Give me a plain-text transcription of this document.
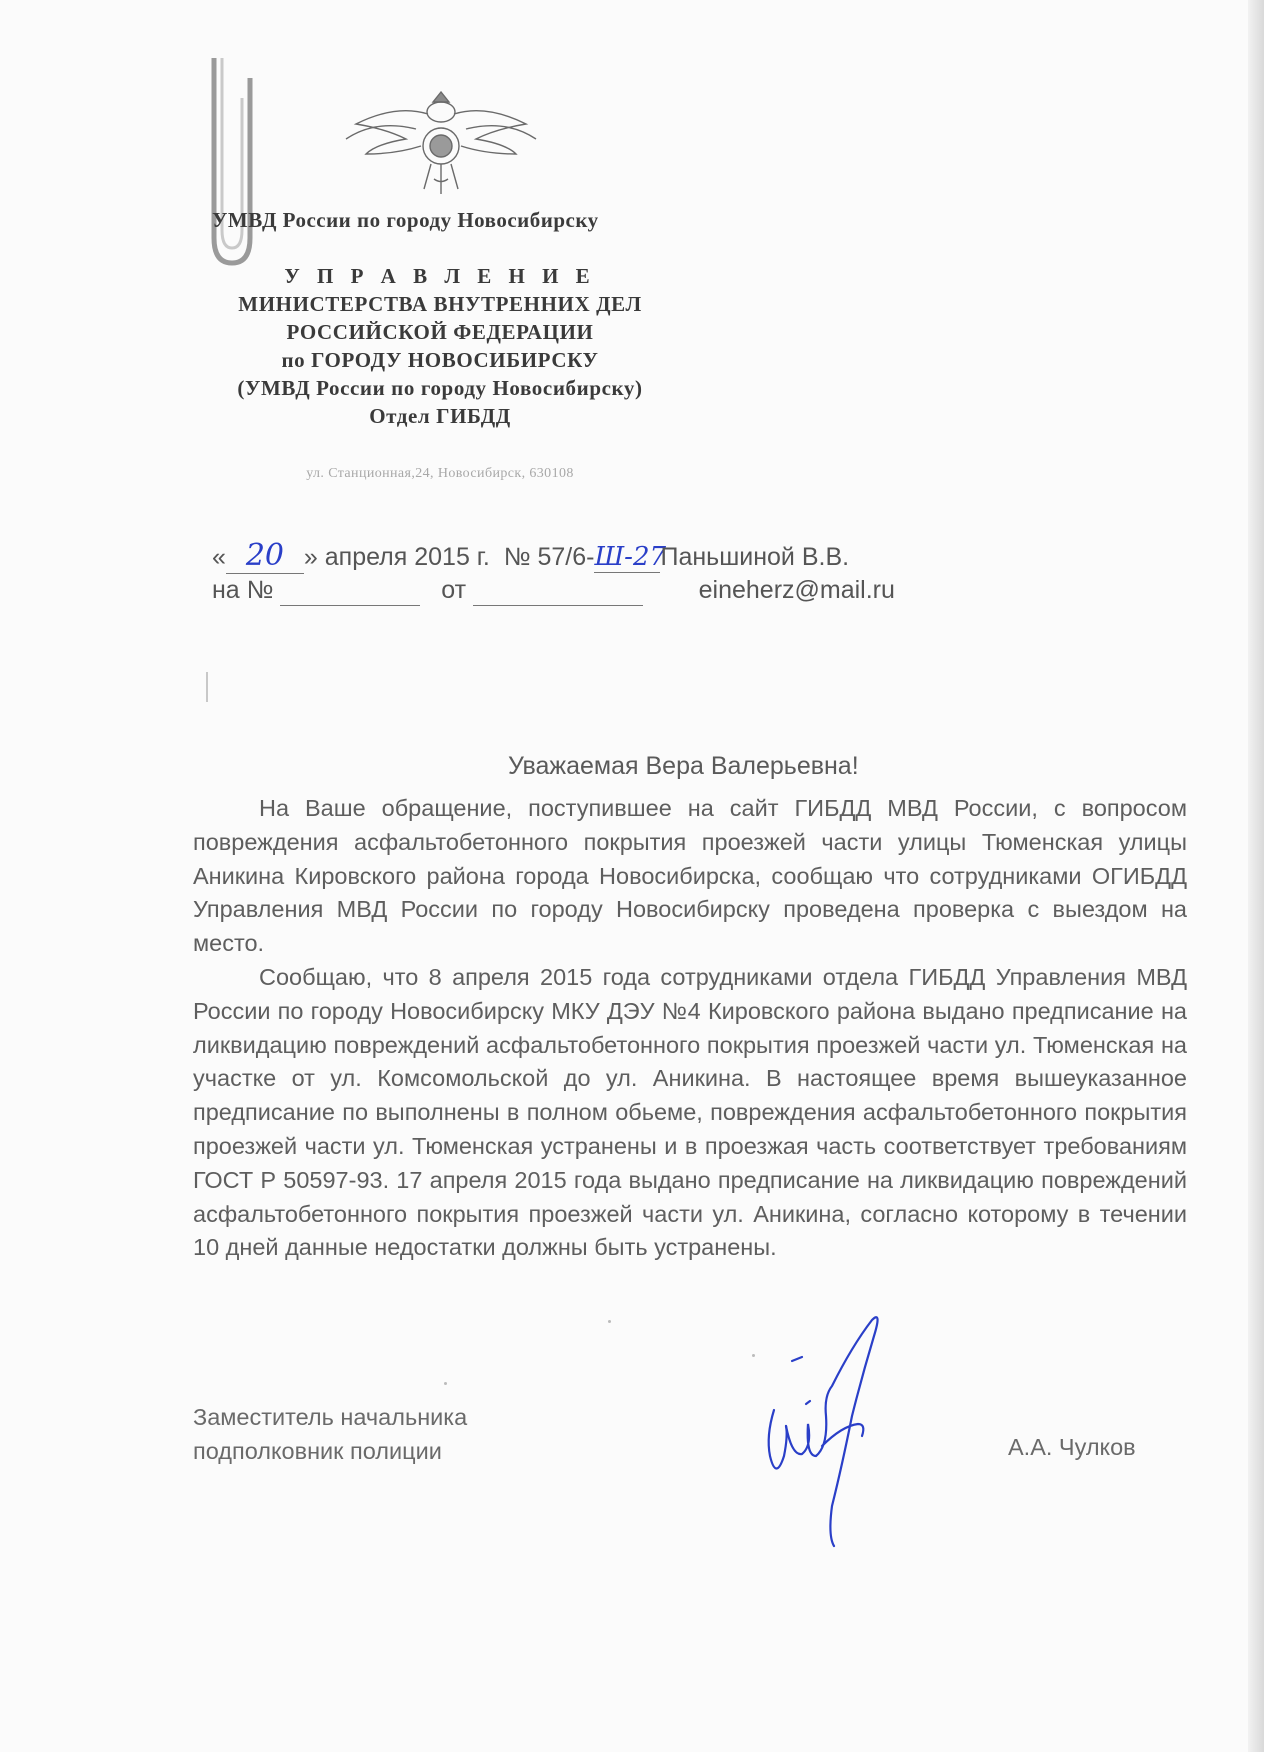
УМВД России по городу Новосибирску
У П Р А В Л Е Н И Е
МИНИСТЕРСТВА ВНУТРЕННИХ ДЕЛ
РОССИЙСКОЙ ФЕДЕРАЦИИ
по ГОРОДУ НОВОСИБИРСКУ
(УМВД России по городу Новосибирску)
Отдел ГИБДД
ул. Станционная,24, Новосибирск, 630108
« 20 » апреля 2015 г. № 57/6-Ш-27Паньшиной В.В.
на №	от	eineherz@mail.ru
Уважаемая Вера Валерьевна!

На Ваше обращение, поступившее на сайт ГИБДД МВД России, с вопросом повреждения асфальтобетонного покрытия проезжей части улицы Тюменская улицы Аникина Кировского района города Новосибирска, сообщаю что сотрудниками ОГИБДД Управления МВД России по городу Новосибирску проведена проверка с выездом на место.

Сообщаю, что 8 апреля 2015 года сотрудниками отдела ГИБДД Управления МВД России по городу Новосибирску МКУ ДЭУ №4 Кировского района выдано предписание на ликвидацию повреждений асфальтобетонного покрытия проезжей части ул. Тюменская на участке от ул. Комсомольской до ул. Аникина. В настоящее время вышеуказанное предписание по выполнены в полном обьеме, повреждения асфальтобетонного покрытия проезжей части ул. Тюменская устранены и в проезжая часть соответствует требованиям ГОСТ Р 50597-93. 17 апреля 2015 года выдано предписание на ликвидацию повреждений асфальтобетонного покрытия проезжей части ул. Аникина, согласно которому в течении 10 дней данные недостатки должны быть устранены.

Заместитель начальника
подполковник полиции	А.А. Чулков
